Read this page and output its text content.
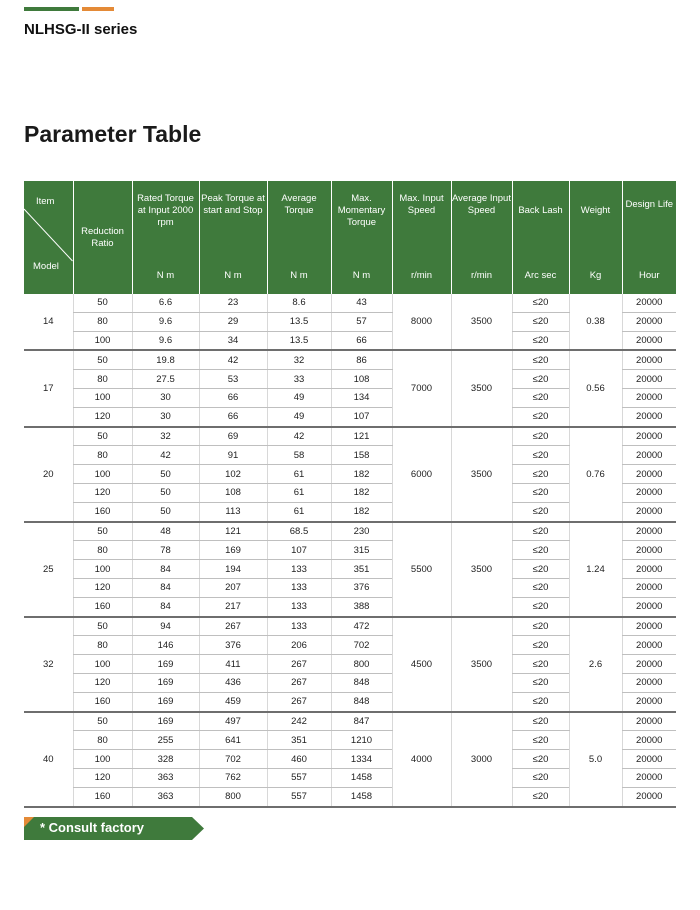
NLHSG-II series
Parameter Table
Item
Model	Reduction Ratio	Rated Torque at Input 2000 rpm	Peak Torque at start and Stop	Average Torque	Max. Momentary Torque	Max. Input Speed	Average Input Speed	Back Lash	Weight	Design Life

		N m	N m	N m	N m	r/min	r/min	Arc sec	Kg	Hour
14	50	6.6	23	8.6	43	8000	3500	≤20	0.38	20000
	80	9.6	29	13.5	57			≤20		20000
	100	9.6	34	13.5	66			≤20		20000
17	50	19.8	42	32	86	7000	3500	≤20	0.56	20000
	80	27.5	53	33	108			≤20		20000
	100	30	66	49	134			≤20		20000
	120	30	66	49	107			≤20		20000
20	50	32	69	42	121	6000	3500	≤20	0.76	20000
	80	42	91	58	158			≤20		20000
	100	50	102	61	182			≤20		20000
	120	50	108	61	182			≤20		20000
	160	50	113	61	182			≤20		20000
25	50	48	121	68.5	230	5500	3500	≤20	1.24	20000
	80	78	169	107	315			≤20		20000
	100	84	194	133	351			≤20		20000
	120	84	207	133	376			≤20		20000
	160	84	217	133	388			≤20		20000
32	50	94	267	133	472	4500	3500	≤20	2.6	20000
	80	146	376	206	702			≤20		20000
	100	169	411	267	800			≤20		20000
	120	169	436	267	848			≤20		20000
	160	169	459	267	848			≤20		20000
40	50	169	497	242	847	4000	3000	≤20	5.0	20000
	80	255	641	351	1210			≤20		20000
	100	328	702	460	1334			≤20		20000
	120	363	762	557	1458			≤20		20000
	160	363	800	557	1458			≤20		20000
* Consult factory
